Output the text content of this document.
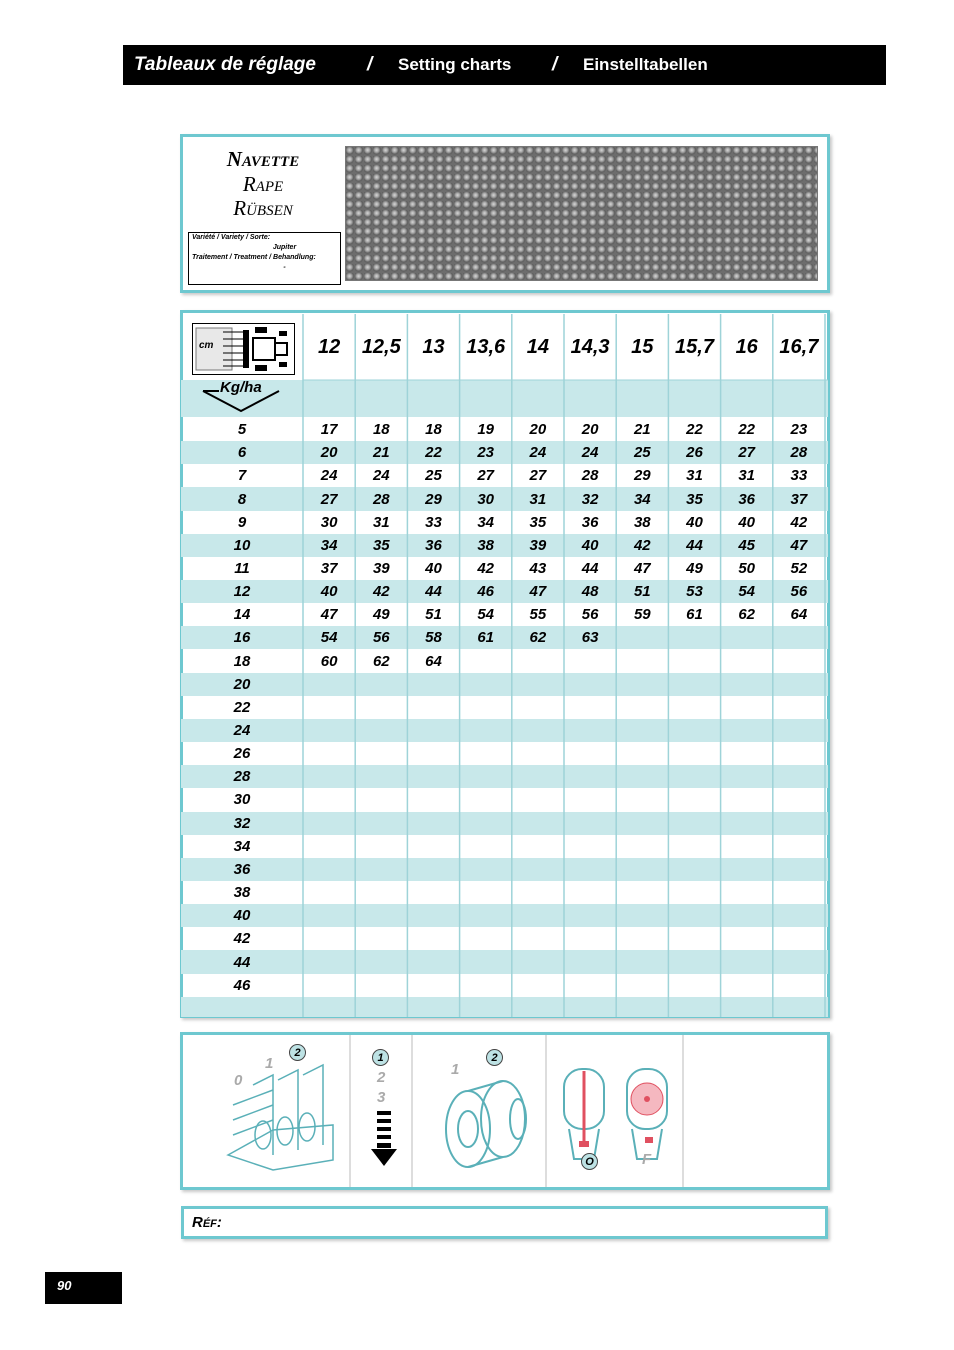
Tableaux de réglage	/ Setting charts / Einstelltabellen
Navette
Rape
Rübsen
Variété / Variety / Sorte:
Jupiter
Traitement / Treatment / Behandlung:
-
cm
Kg/ha
12	12,5	13	13,6	14	14,3	15	15,7	16	16,7
5	17	18	18	19	20	20	21	22	22	23
6	20	21	22	23	24	24	25	26	27	28
7	24	24	25	27	27	28	29	31	31	33
8	27	28	29	30	31	32	34	35	36	37
9	30	31	33	34	35	36	38	40	40	42
10	34	35	36	38	39	40	42	44	45	47
11	37	39	40	42	43	44	47	49	50	52
12	40	42	44	46	47	48	51	53	54	56
14	47	49	51	54	55	56	59	61	62	64
16	54	56	58	61	62	63
18	60	62	64
20
22
24
26
28
30
32
34
36
38
40
42
44
46
0
1
2	1
2
3
1
2
O	F
Réf:
90
